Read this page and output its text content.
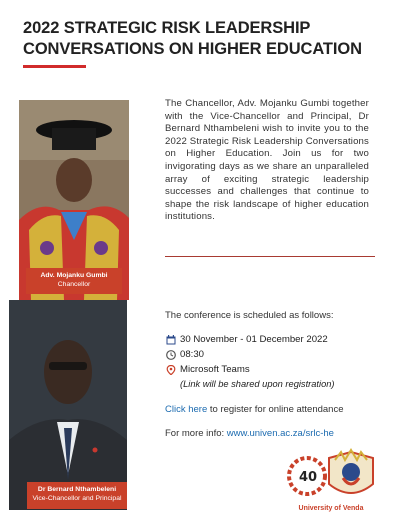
2022 STRATEGIC RISK LEADERSHIP
CONVERSATIONS ON HIGHER EDUCATION
Adv. Mojanku Gumbi
Chancellor
Dr Bernard Nthambeleni
Vice-Chancellor and Principal
The Chancellor, Adv. Mojanku Gumbi together with the Vice-Chancellor and Principal, Dr Bernard Nthambeleni wish to invite you to the 2022 Strategic Risk Leadership Conversations on Higher Education. Join us for two invigorating days as we share an unparalleled array of exciting strategic leadership successes and challenges that continue to shape the risk landscape of higher education institutions.
The conference is scheduled as follows:
30 November - 01 December 2022
08:30
Microsoft Teams
(Link will be shared upon registration)
Click here to register for online attendance
For more info: www.univen.ac.za/srlc-he
40
University of Venda
